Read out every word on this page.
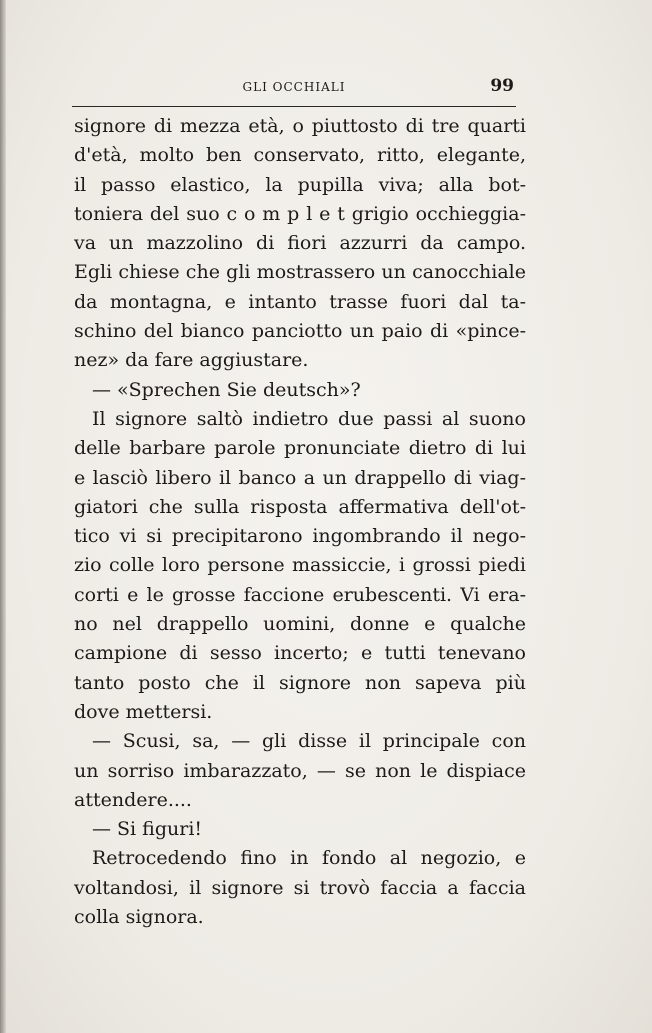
GLI OCCHIALI	99
signore di mezza età, o piuttosto di tre quarti
d'età, molto ben conservato, ritto, elegante,
il passo elastico, la pupilla viva; alla bot-
toniera del suo c o m p l e t grigio occhieggia-
va un mazzolino di fiori azzurri da campo.
Egli chiese che gli mostrassero un canocchiale
da montagna, e intanto trasse fuori dal ta-
schino del bianco panciotto un paio di «pince-
nez» da fare aggiustare.
— «Sprechen Sie deutsch»?
Il signore saltò indietro due passi al suono
delle barbare parole pronunciate dietro di lui
e lasciò libero il banco a un drappello di viag-
giatori che sulla risposta affermativa dell'ot-
tico vi si precipitarono ingombrando il nego-
zio colle loro persone massiccie, i grossi piedi
corti e le grosse faccione erubescenti. Vi era-
no nel drappello uomini, donne e qualche
campione di sesso incerto; e tutti tenevano
tanto posto che il signore non sapeva più
dove mettersi.
— Scusi, sa, — gli disse il principale con
un sorriso imbarazzato, — se non le dispiace
attendere....
— Si figuri!
Retrocedendo fino in fondo al negozio, e
voltandosi, il signore si trovò faccia a faccia
colla signora.
